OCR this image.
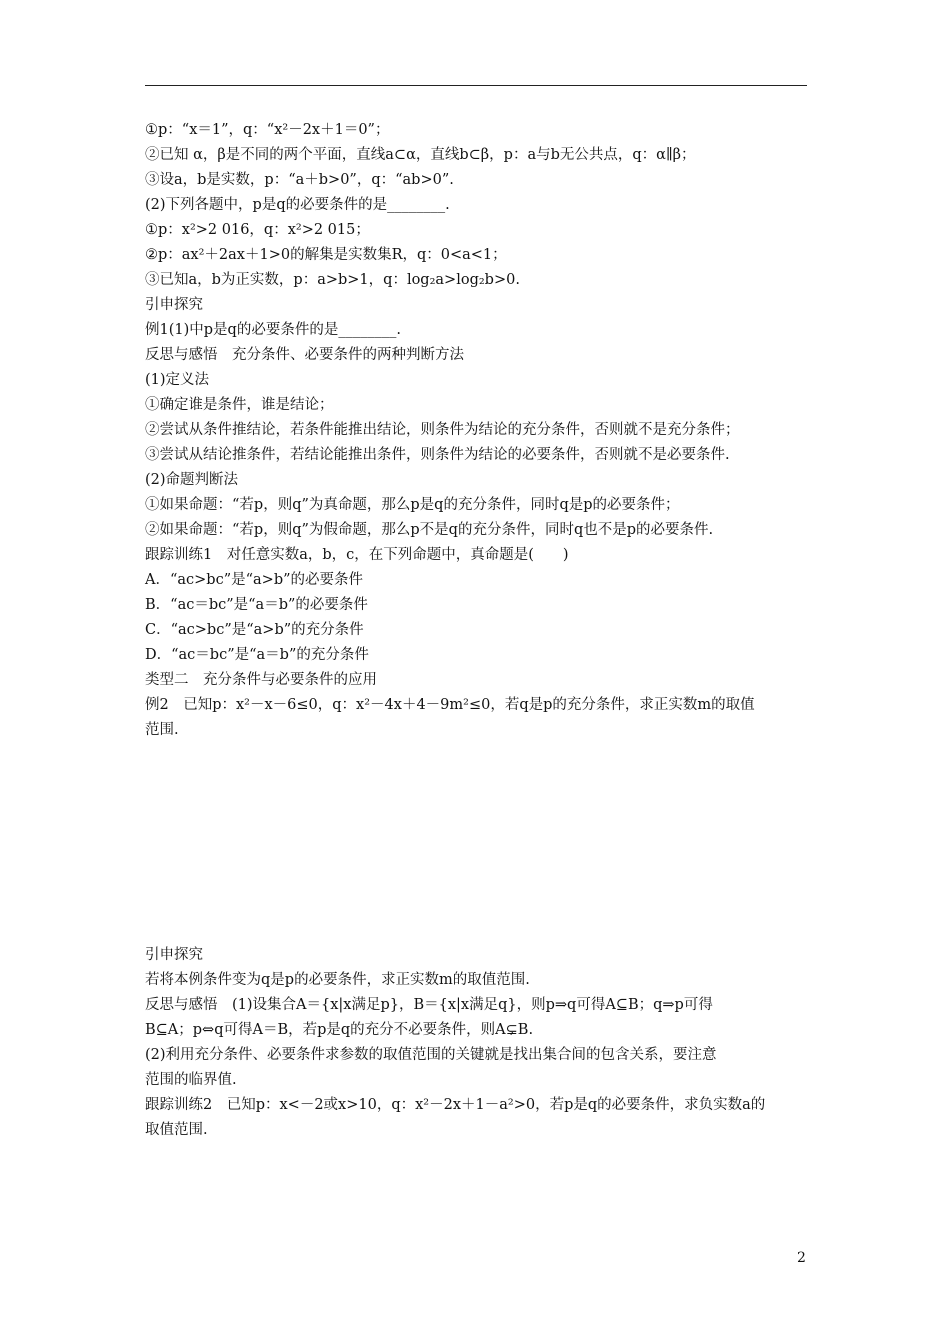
①p：“x＝1”，q：“x²－2x＋1＝0”；
②已知 α，β是不同的两个平面，直线a⊂α，直线b⊂β，p：a与b无公共点，q：α∥β；
③设a，b是实数，p：“a＋b>0”，q：“ab>0”.
(2)下列各题中，p是q的必要条件的是________.
①p：x²>2 016，q：x²>2 015；
②p：ax²＋2ax＋1>0的解集是实数集R，q：0<a<1；
③已知a，b为正实数，p：a>b>1，q：log₂a>log₂b>0.
引申探究
例1(1)中p是q的必要条件的是________.
反思与感悟　充分条件、必要条件的两种判断方法
(1)定义法
①确定谁是条件，谁是结论；
②尝试从条件推结论，若条件能推出结论，则条件为结论的充分条件，否则就不是充分条件；
③尝试从结论推条件，若结论能推出条件，则条件为结论的必要条件，否则就不是必要条件.
(2)命题判断法
①如果命题：“若p，则q”为真命题，那么p是q的充分条件，同时q是p的必要条件；
②如果命题：“若p，则q”为假命题，那么p不是q的充分条件，同时q也不是p的必要条件.
跟踪训练1　对任意实数a，b，c，在下列命题中，真命题是(　　)
A．“ac>bc”是“a>b”的必要条件
B．“ac＝bc”是“a＝b”的必要条件
C．“ac>bc”是“a>b”的充分条件
D．“ac＝bc”是“a＝b”的充分条件
类型二　充分条件与必要条件的应用
例2　已知p：x²－x－6≤0，q：x²－4x＋4－9m²≤0，若q是p的充分条件，求正实数m的取值
范围.
引申探究
若将本例条件变为q是p的必要条件，求正实数m的取值范围.
反思与感悟　(1)设集合A＝{x|x满足p}，B＝{x|x满足q}，则p⇒q可得A⊆B；q⇒p可得
B⊆A；p⇔q可得A＝B，若p是q的充分不必要条件，则A⊊B.
(2)利用充分条件、必要条件求参数的取值范围的关键就是找出集合间的包含关系，要注意
范围的临界值.
跟踪训练2　已知p：x<－2或x>10，q：x²－2x＋1－a²>0，若p是q的必要条件，求负实数a的
取值范围.
2
